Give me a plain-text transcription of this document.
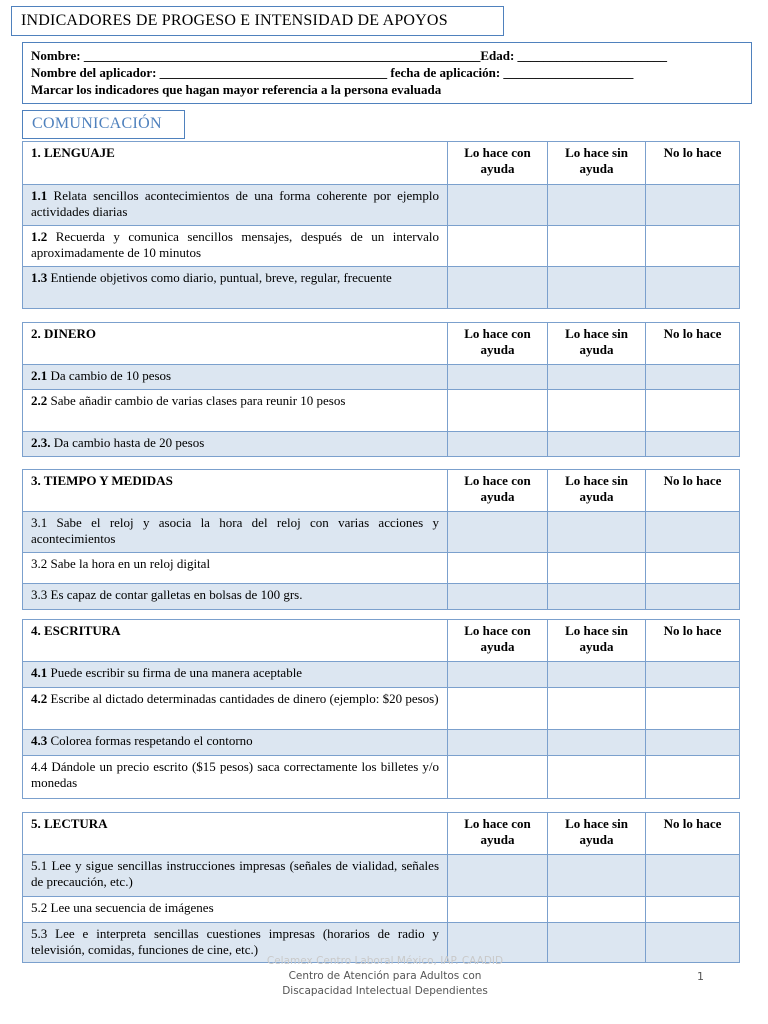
INDICADORES DE PROGESO E INTENSIDAD DE APOYOS
Nombre: _____________________________________________________________Edad: _______________________
Nombre del aplicador: ___________________________________ fecha de aplicación: ____________________
Marcar los indicadores que hagan mayor referencia a la persona evaluada
COMUNICACIÓN
1. LENGUAJE	Lo hace con ayuda	Lo hace sin ayuda	No lo hace
1.1 Relata sencillos acontecimientos de una forma coherente por ejemplo actividades diarias			
1.2 Recuerda y comunica sencillos mensajes, después de un intervalo aproximadamente de 10 minutos			
1.3 Entiende objetivos como diario, puntual, breve, regular, frecuente			
2. DINERO	Lo hace con ayuda	Lo hace sin ayuda	No lo hace
2.1 Da cambio de 10 pesos			
2.2 Sabe añadir cambio de varias clases para reunir 10 pesos			
2.3. Da cambio hasta de 20 pesos			
3. TIEMPO Y MEDIDAS	Lo hace con ayuda	Lo hace sin ayuda	No lo hace
3.1 Sabe el reloj y asocia la hora del reloj con varias acciones y acontecimientos			
3.2 Sabe la hora en un reloj digital			
3.3 Es capaz de contar galletas en bolsas de 100 grs.			
4. ESCRITURA	Lo hace con ayuda	Lo hace sin ayuda	No lo hace
4.1 Puede escribir su firma de una manera aceptable			
4.2 Escribe al dictado determinadas cantidades de dinero (ejemplo: $20 pesos)			
4.3 Colorea formas respetando el contorno			
4.4 Dándole un precio escrito ($15 pesos) saca correctamente los billetes y/o monedas			
5. LECTURA	Lo hace con ayuda	Lo hace sin ayuda	No lo hace
5.1 Lee y sigue sencillas instrucciones impresas (señales de vialidad, señales de precaución, etc.)			
5.2 Lee una secuencia de imágenes			
5.3 Lee e interpreta sencillas cuestiones impresas (horarios de radio y televisión, comidas, funciones de cine, etc.)			
Celamex Centro Laboral México, IAP. CAADID
Centro de Atención para Adultos con
Discapacidad Intelectual Dependientes
1
